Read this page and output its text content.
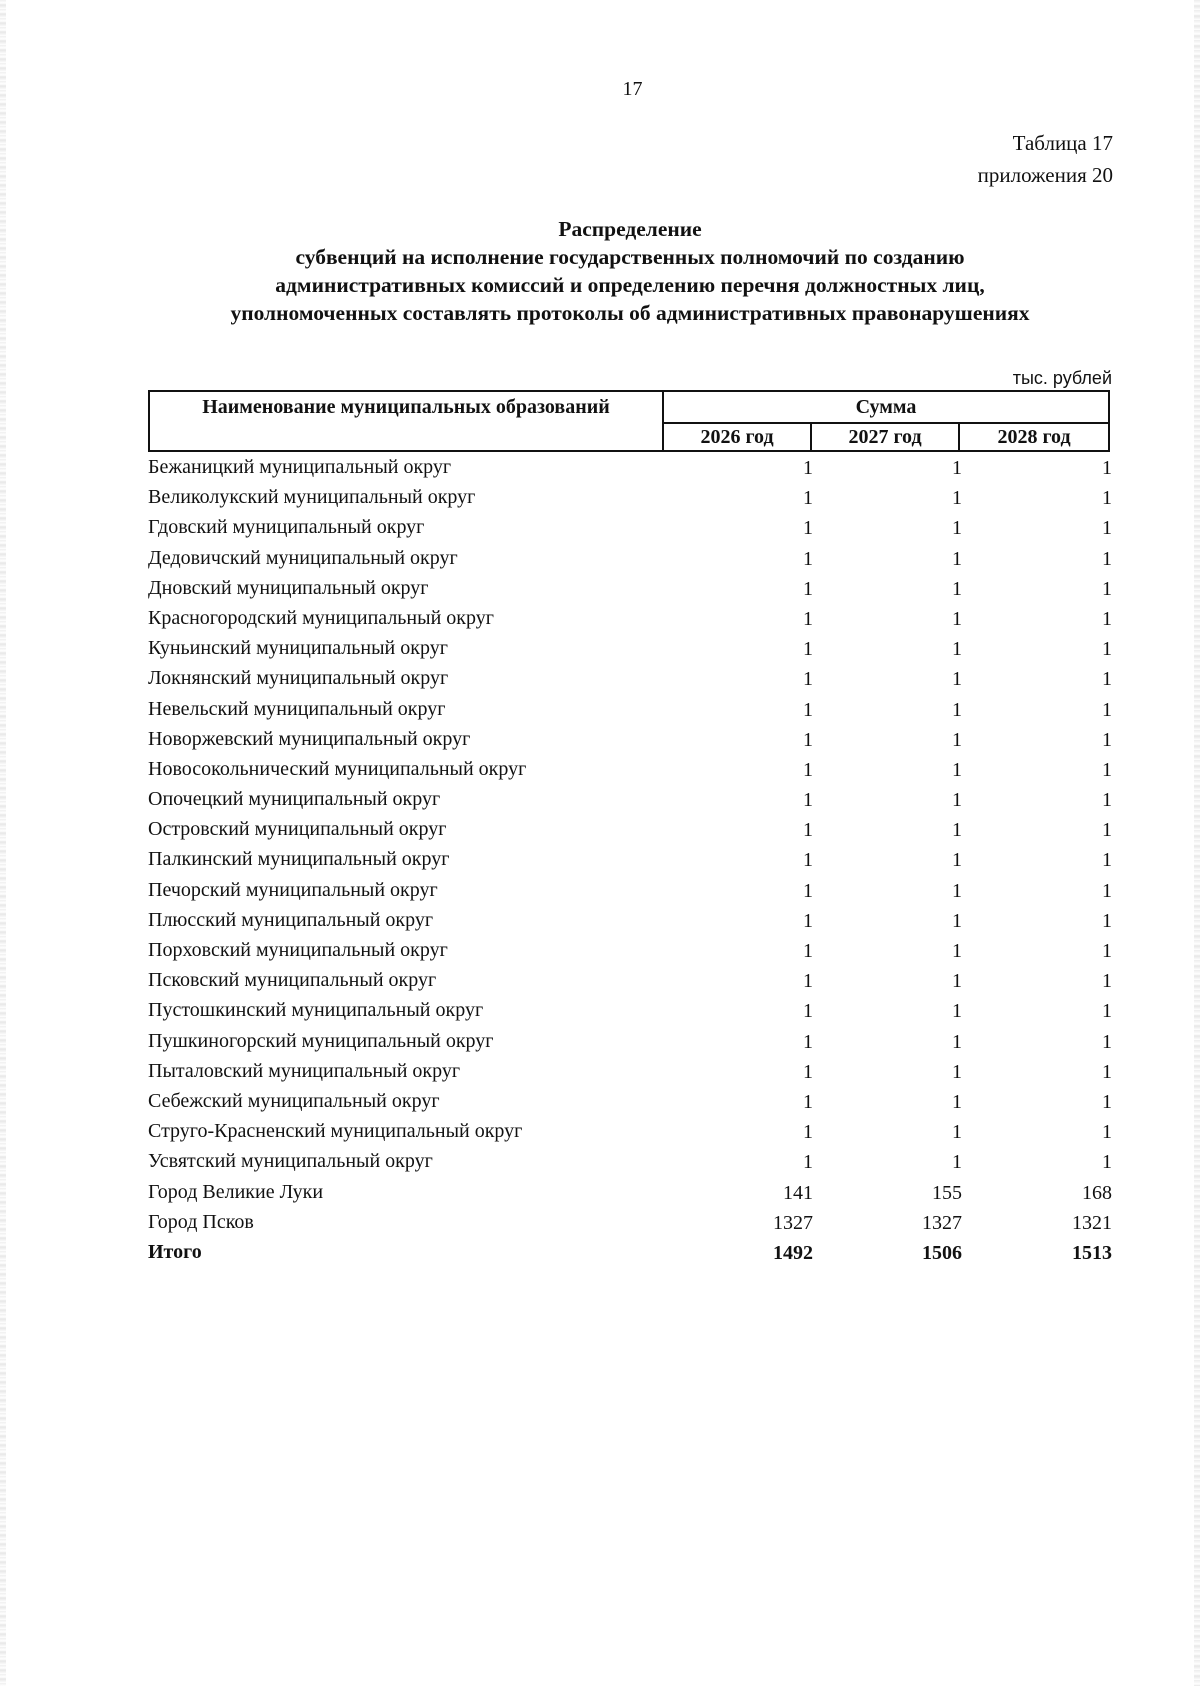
17
Таблица 17
приложения 20
Распределение
субвенций на исполнение государственных полномочий по созданию
административных комиссий и определению перечня должностных лиц,
уполномоченных составлять протоколы об административных правонарушениях
тыс. рублей
Наименование муниципальных образований	Сумма
2026 год	2027 год	2028 год
Бежаницкий муниципальный округ	1	1	1
Великолукский муниципальный округ	1	1	1
Гдовский муниципальный округ	1	1	1
Дедовичский муниципальный округ	1	1	1
Дновский муниципальный округ	1	1	1
Красногородский муниципальный округ	1	1	1
Куньинский муниципальный округ	1	1	1
Локнянский муниципальный округ	1	1	1
Невельский муниципальный округ	1	1	1
Новоржевский муниципальный округ	1	1	1
Новосокольнический муниципальный округ	1	1	1
Опочецкий муниципальный округ	1	1	1
Островский муниципальный округ	1	1	1
Палкинский муниципальный округ	1	1	1
Печорский муниципальный округ	1	1	1
Плюсский муниципальный округ	1	1	1
Порховский муниципальный округ	1	1	1
Псковский муниципальный округ	1	1	1
Пустошкинский муниципальный округ	1	1	1
Пушкиногорский муниципальный округ	1	1	1
Пыталовский муниципальный округ	1	1	1
Себежский муниципальный округ	1	1	1
Струго-Красненский муниципальный округ	1	1	1
Усвятский муниципальный округ	1	1	1
Город Великие Луки	141	155	168
Город Псков	1327	1327	1321
Итого	1492	1506	1513
